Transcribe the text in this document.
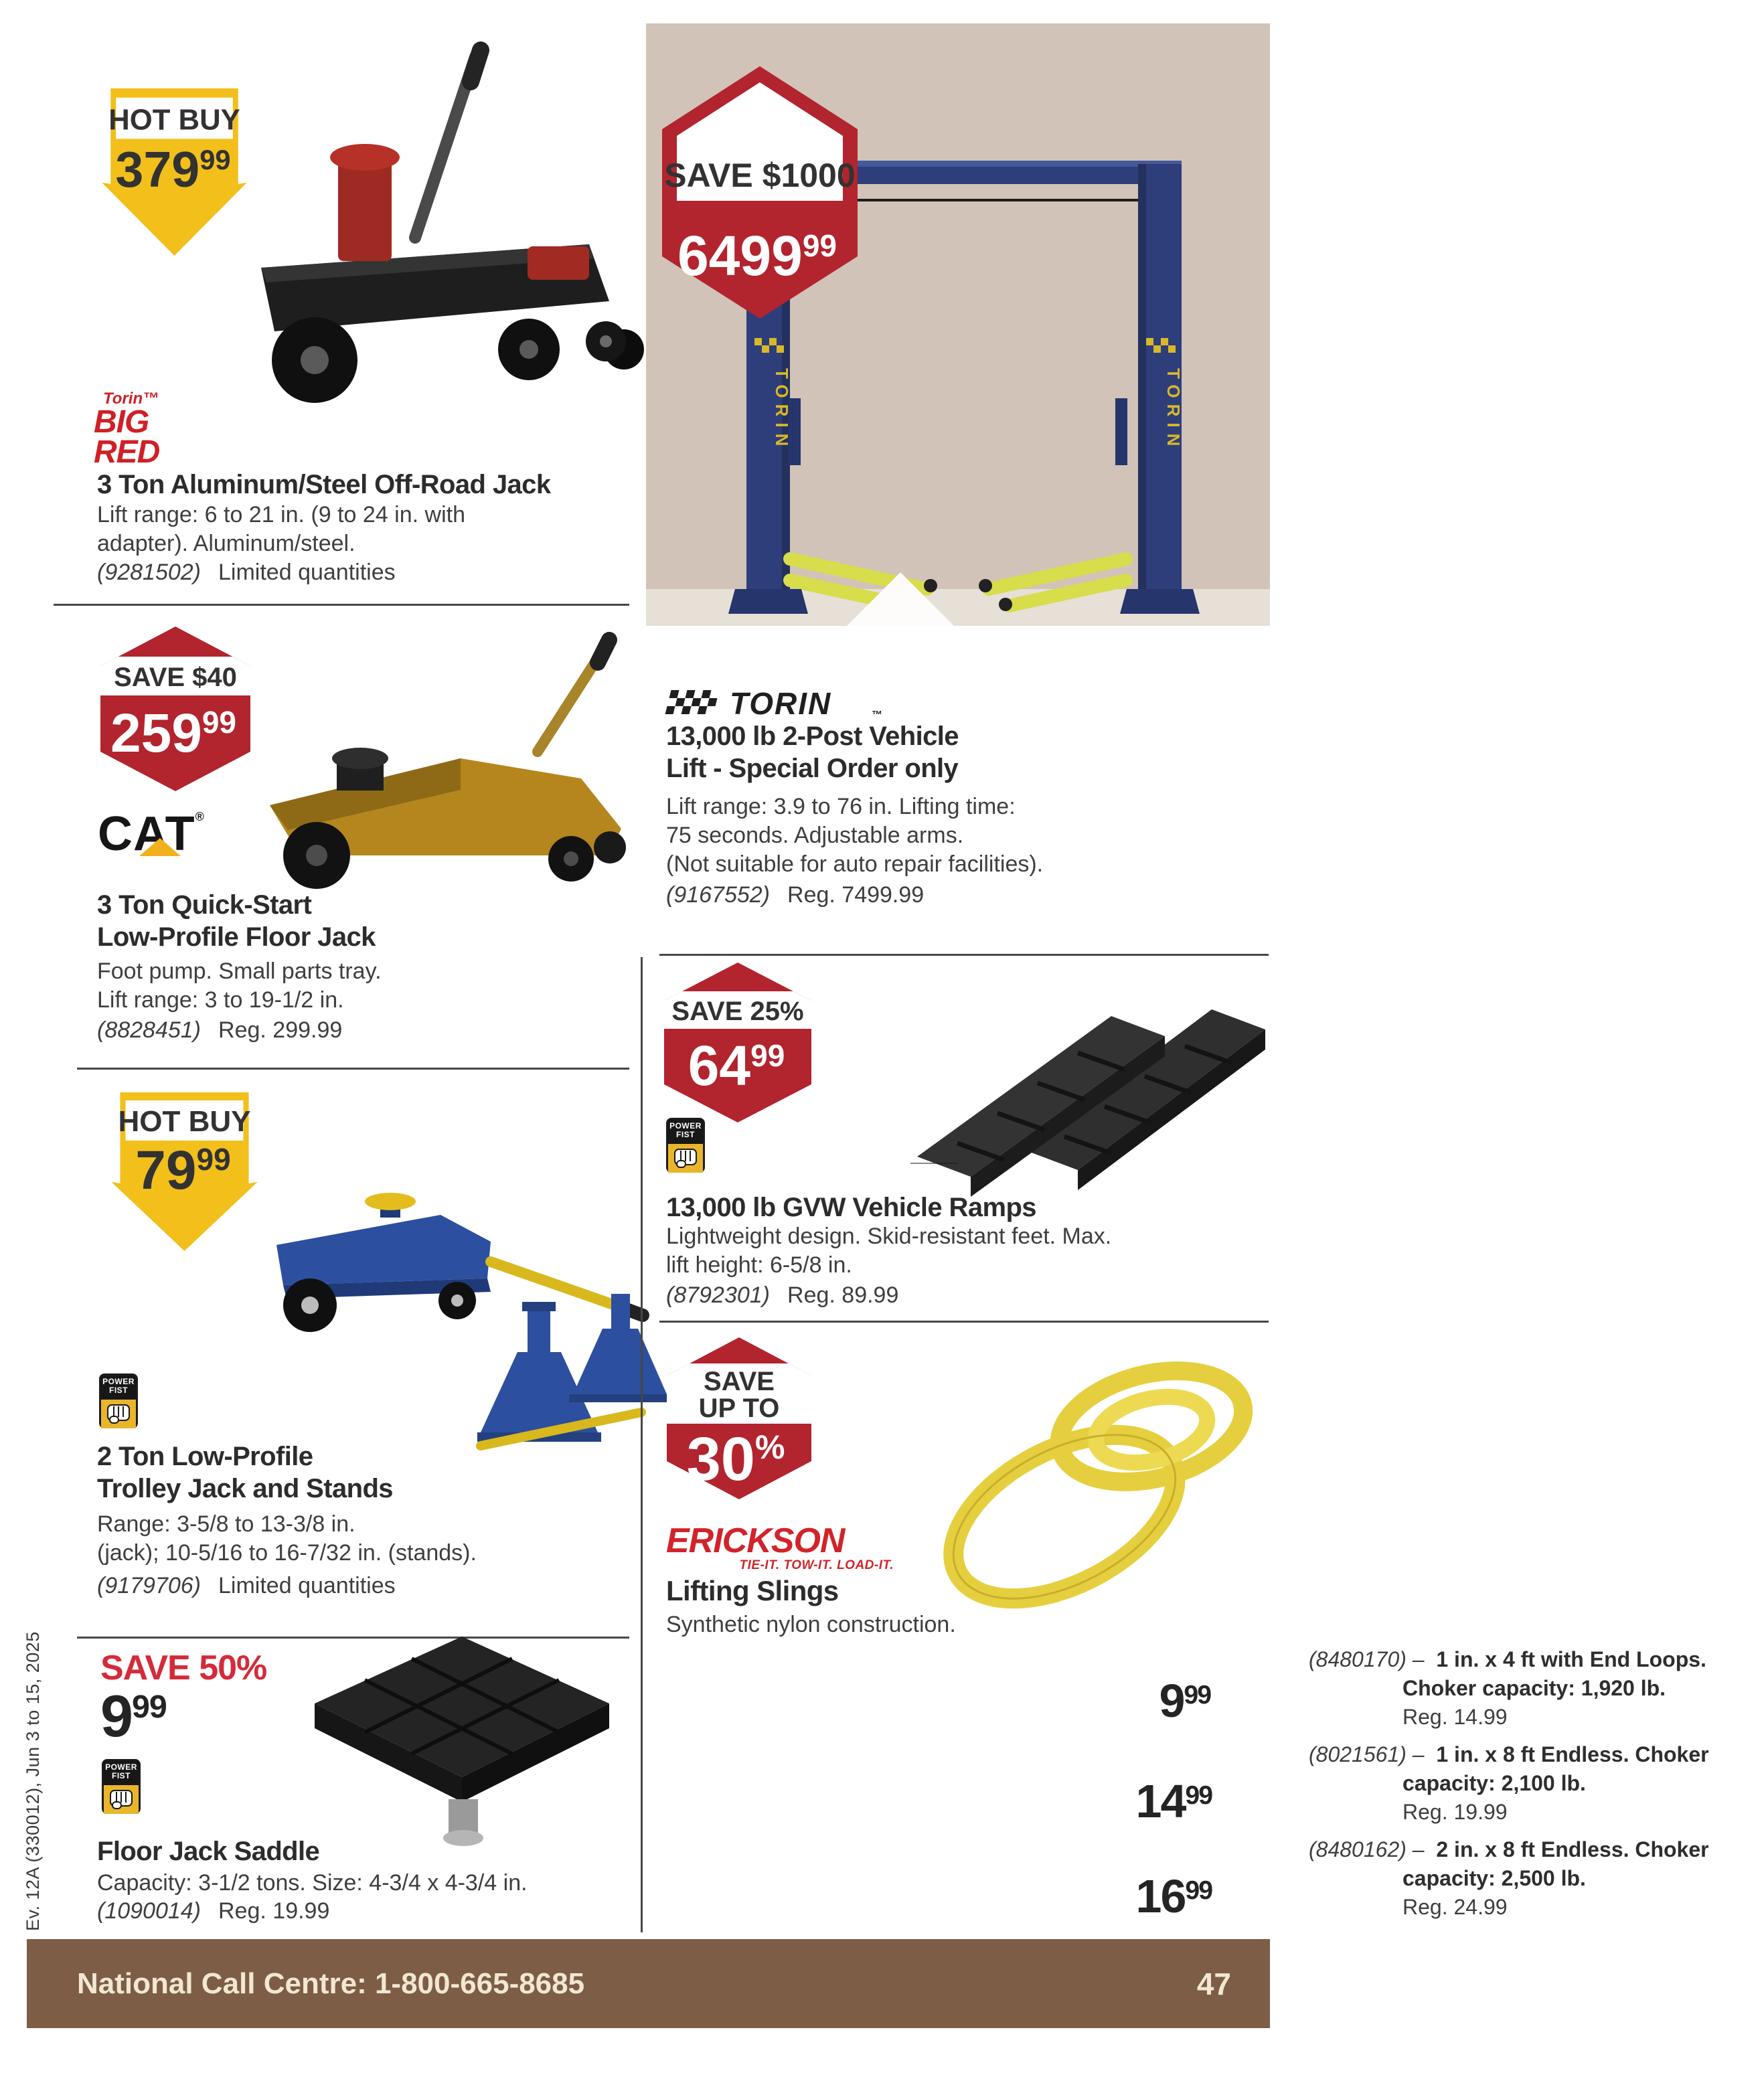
HOT BUY
37999
Torin™
BIG
RED
3 Ton Aluminum/Steel Off-Road Jack
Lift range: 6 to 21 in. (9 to 24 in. with
adapter). Aluminum/steel.
(9281502) Limited quantities
SAVE $40
25999
CAT®
3 Ton Quick-Start
Low-Profile Floor Jack
Foot pump. Small parts tray.
Lift range: 3 to 19-1/2 in.
(8828451) Reg. 299.99
HOT BUY
7999
POWER
FIST
2 Ton Low-Profile
Trolley Jack and Stands
Range: 3-5/8 to 13-3/8 in.
(jack); 10-5/16 to 16-7/32 in. (stands).
(9179706) Limited quantities
SAVE 50%
$9^{99}$
POWER
FIST
Floor Jack Saddle
Capacity: 3-1/2 tons. Size: 4-3/4 x 4-3/4 in.
(1090014) Reg. 19.99
Ev. 12A (330012), Jun 3 to 15, 2025
TORIN	TORIN
SAVE $1000
649999
TORIN	™
13,000 lb 2-Post Vehicle
Lift - Special Order only
Lift range: 3.9 to 76 in. Lifting time:
75 seconds. Adjustable arms.
(Not suitable for auto repair facilities).
(9167552) Reg. 7499.99
SAVE 25%
6499
POWER
FIST
13,000 lb GVW Vehicle Ramps
Lightweight design. Skid-resistant feet. Max.
lift height: 6-5/8 in.
(8792301) Reg. 89.99
SAVE
UP TO
30%
ERICKSON
TIE-IT. TOW-IT. LOAD-IT.
Lifting Slings
Synthetic nylon construction.
(8480170) – 1 in. x 4 ft with End Loops.
Choker capacity: 1,920 lb.
Reg. 14.99
$9^{99}$
(8021561) – 1 in. x 8 ft Endless. Choker
capacity: 2,100 lb.
Reg. 19.99
$14^{99}$
(8480162) – 2 in. x 8 ft Endless. Choker
capacity: 2,500 lb.
Reg. 24.99
$16^{99}$
National Call Centre: 1-800-665-8685	47
